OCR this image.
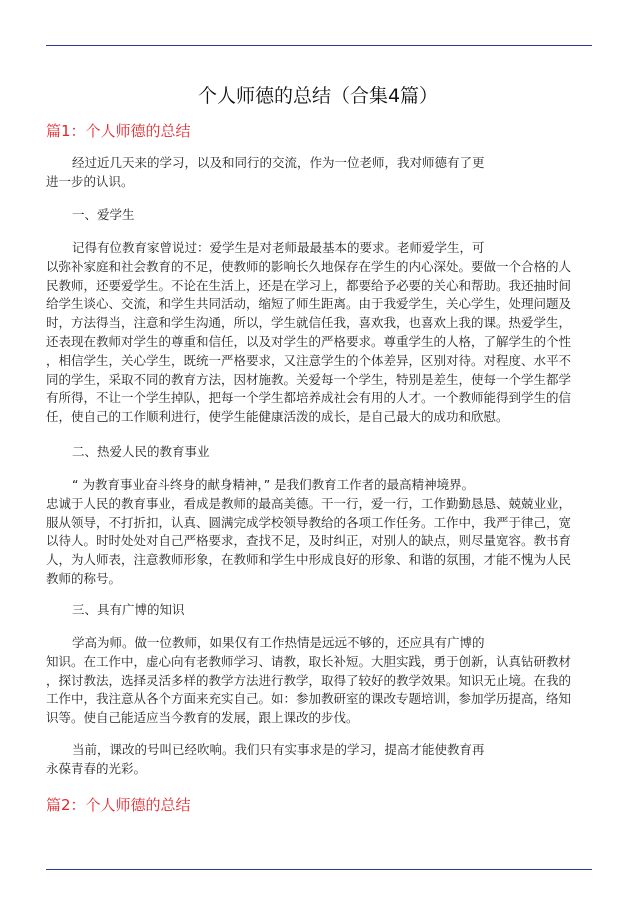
个人师德的总结（合集4篇）
篇1：个人师德的总结
经过近几天来的学习，以及和同行的交流，作为一位老师，我对师德有了更
进一步的认识。
一、爱学生
记得有位教育家曾说过：爱学生是对老师最最基本的要求。老师爱学生，可
以弥补家庭和社会教育的不足，使教师的影响长久地保存在学生的内心深处。要做一个合格的人
民教师，还要爱学生。不论在生活上，还是在学习上，都要给予必要的关心和帮助。我还抽时间
给学生谈心、交流，和学生共同活动，缩短了师生距离。由于我爱学生，关心学生，处理问题及
时，方法得当，注意和学生沟通，所以，学生就信任我，喜欢我，也喜欢上我的课。热爱学生，
还表现在教师对学生的尊重和信任，以及对学生的严格要求。尊重学生的人格，了解学生的个性
，相信学生，关心学生，既统一严格要求，又注意学生的个体差异，区别对待。对程度、水平不
同的学生，采取不同的教育方法，因材施教。关爱每一个学生，特别是差生，使每一个学生都学
有所得，不让一个学生掉队，把每一个学生都培养成社会有用的人才。一个教师能得到学生的信
任，使自己的工作顺利进行，使学生能健康活泼的成长，是自己最大的成功和欣慰。
二、热爱人民的教育事业
“ 为教育事业奋斗终身的献身精神，” 是我们教育工作者的最高精神境界。
忠诚于人民的教育事业，看成是教师的最高美德。干一行，爱一行，工作勤勤恳恳、兢兢业业，
服从领导，不打折扣，认真、圆满完成学校领导教给的各项工作任务。工作中，我严于律己，宽
以待人。时时处处对自己严格要求，查找不足，及时纠正，对别人的缺点，则尽量宽容。教书育
人，为人师表，注意教师形象，在教师和学生中形成良好的形象、和谐的氛围，才能不愧为人民
教师的称号。
三、具有广博的知识
学高为师。做一位教师，如果仅有工作热情是远远不够的，还应具有广博的
知识。在工作中，虚心向有老教师学习、请教，取长补短。大胆实践，勇于创新，认真钻研教材
，探讨教法，选择灵活多样的教学方法进行教学，取得了较好的教学效果。知识无止境。在我的
工作中，我注意从各个方面来充实自己。如：参加教研室的课改专题培训，参加学历提高，络知
识等。使自己能适应当今教育的发展，跟上课改的步伐。
当前，课改的号叫已经吹响。我们只有实事求是的学习，提高才能使教育再
永葆青春的光彩。
篇2：个人师德的总结
